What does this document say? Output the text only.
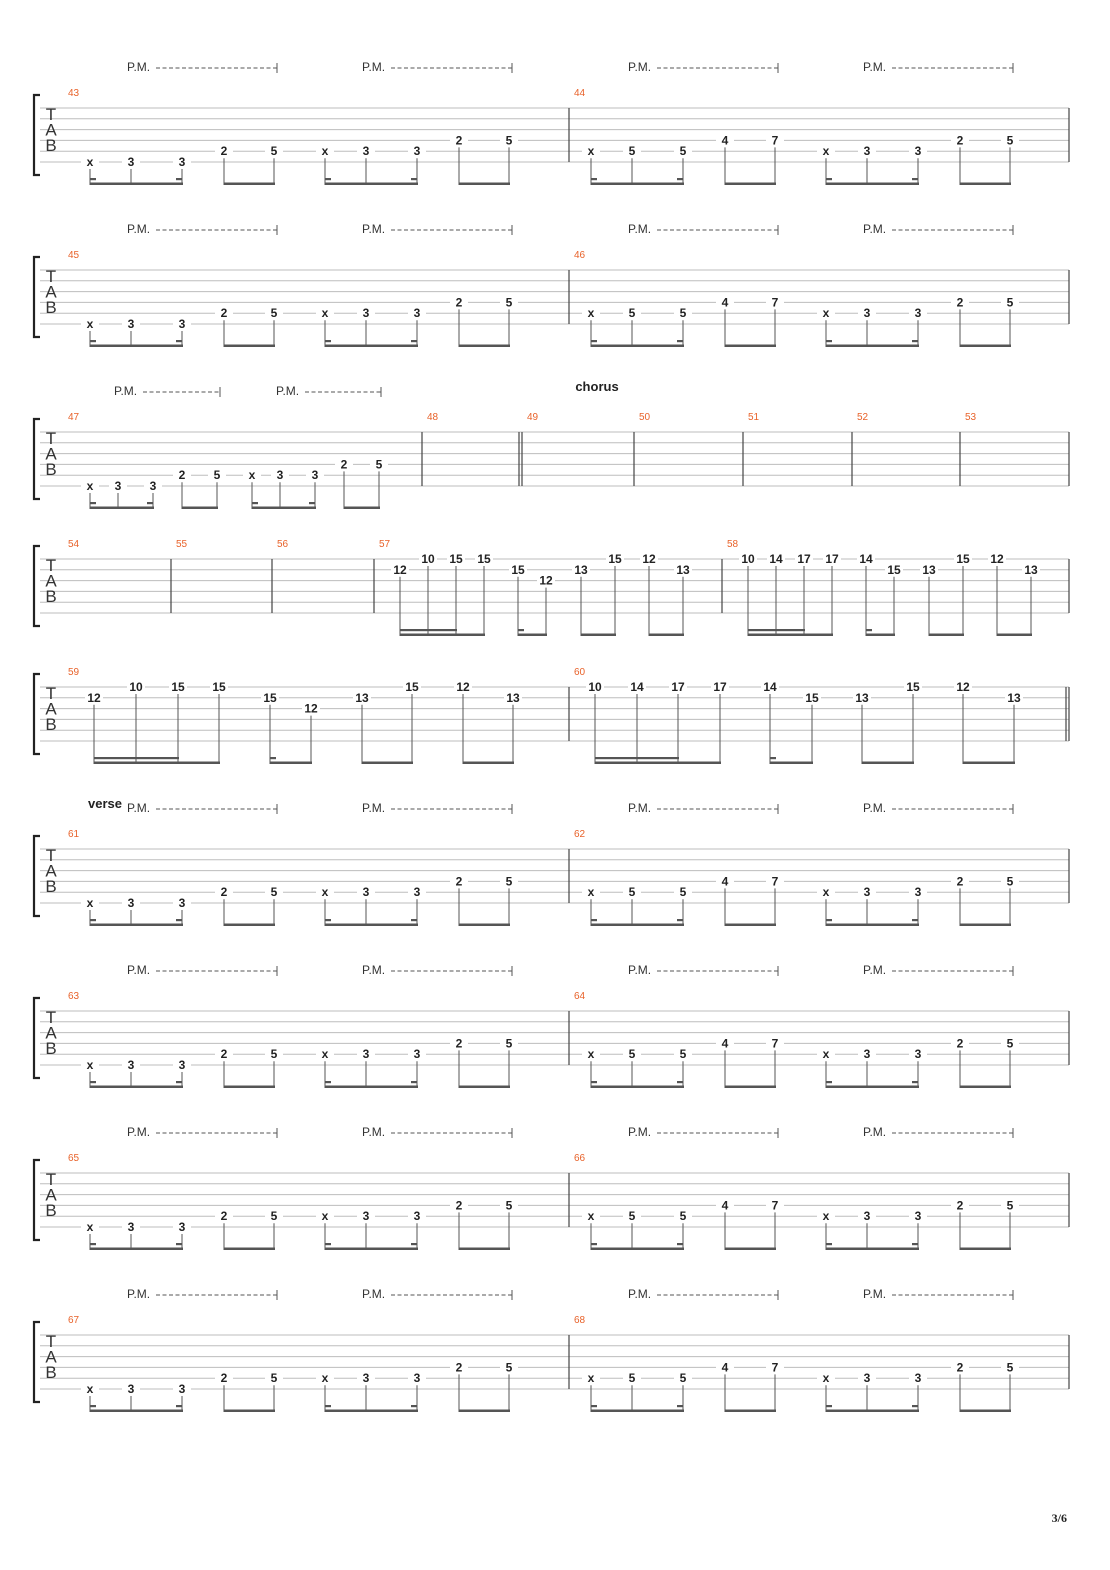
T
A
B
P.M.	P.M.	P.M.	P.M.
43
x	3	3
2	5	x	3	3
2	5
44
x	5	5
4	7
x	3	3
2	5
T
A
B
P.M.	P.M.	P.M.	P.M.
45
x	3	3
2	5	x	3	3
2	5
46
x	5	5
4	7
x	3	3
2	5
T
A
B
chorus
P.M.	P.M.
47
x 3 3
2 5 x 3 3
2 5
48	49	50	51	52	53
T
A
B
54	55	56	57
12
10 15 15
15
12
13
15 12
13
58
10 14 17 17 14
15 13
15 12
13
T
A
B
59
12
10 15 15
15
12
13
15	12
13
60
10 14 17 17	14
15	13
15	12
13
T
A
B
verse P.M.	P.M.	P.M.	P.M.
61
x	3	3
2	5	x	3	3
2	5
62
x	5	5
4	7
x	3	3
2	5
T
A
B
P.M.	P.M.	P.M.	P.M.
63
x	3	3
2	5	x	3	3
2	5
64
x	5	5
4	7
x	3	3
2	5
T
A
B
P.M.	P.M.	P.M.	P.M.
65
x	3	3
2	5	x	3	3
2	5
66
x	5	5
4	7
x	3	3
2	5
T
A
B
P.M.	P.M.	P.M.	P.M.
67
x	3	3
2	5	x	3	3
2	5
68
x	5	5
4	7
x	3	3
2	5
3/6
